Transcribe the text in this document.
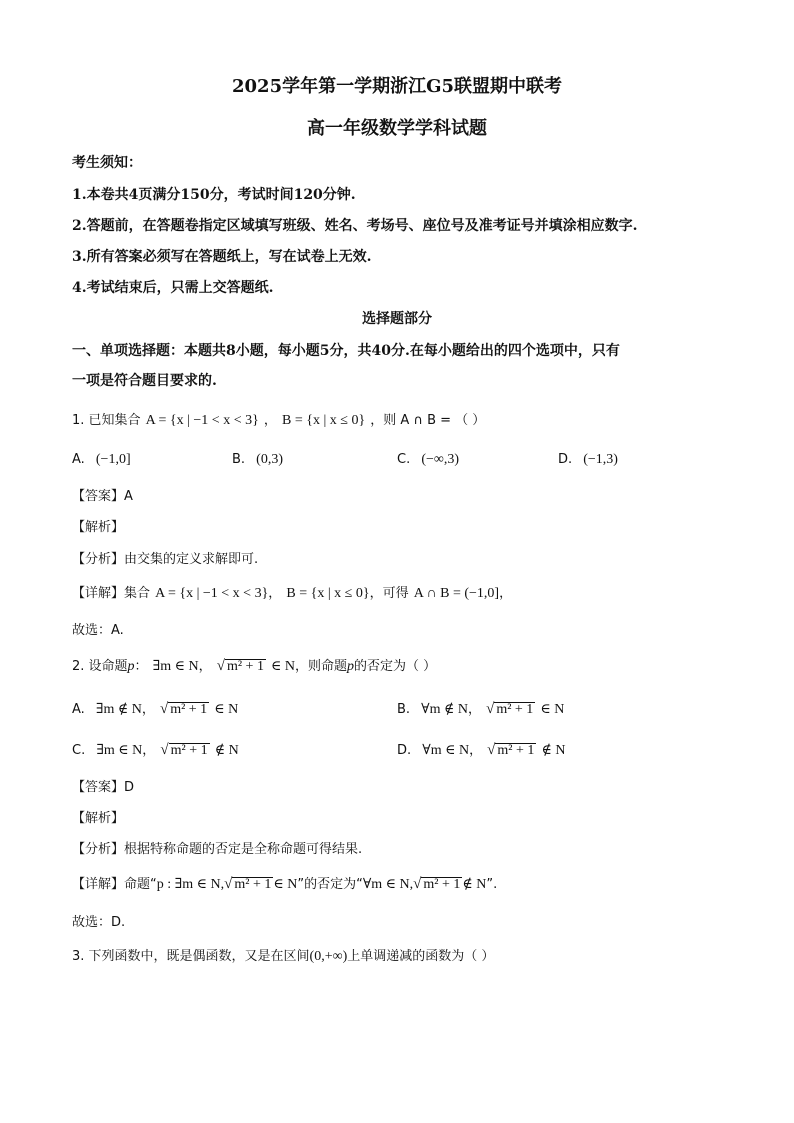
2025学年第一学期浙江G5联盟期中联考
高一年级数学学科试题
考生须知：
1.本卷共4页满分150分，考试时间120分钟.
2.答题前，在答题卷指定区域填写班级、姓名、考场号、座位号及准考证号并填涂相应数字.
3.所有答案必须写在答题纸上，写在试卷上无效.
4.考试结束后，只需上交答题纸.
选择题部分
一、单项选择题：本题共8小题，每小题5分，共40分.在每小题给出的四个选项中，只有
一项是符合题目要求的.
1. 已知集合 A = {x | −1 < x < 3} ， B = {x | x ≤ 0} ，则 A ∩ B = （ ）
A. (−1,0]	B. (0,3)	C. (−∞,3)	D. (−1,3)
【答案】A
【解析】
【分析】由交集的定义求解即可.
【详解】集合 A = {x | −1 < x < 3}， B = {x | x ≤ 0}，可得 A ∩ B = (−1,0]，
故选：A.
2. 设命题p： ∃m ∈ N， √ m² + 1 ∈ N，则命题p的否定为（ ）
A. ∃m ∉ N， √ m² + 1 ∈ N	B. ∀m ∉ N， √ m² + 1 ∈ N
C. ∃m ∈ N， √ m² + 1 ∉ N	D. ∀m ∈ N， √ m² + 1 ∉ N
【答案】D
【解析】
【分析】根据特称命题的否定是全称命题可得结果.
【详解】命题“p : ∃m ∈ N,√ m² + 1 ∈ N”的否定为“∀m ∈ N,√ m² + 1 ∉ N”.
故选：D.
3. 下列函数中，既是偶函数，又是在区间(0,+∞)上单调递减的函数为（ ）
